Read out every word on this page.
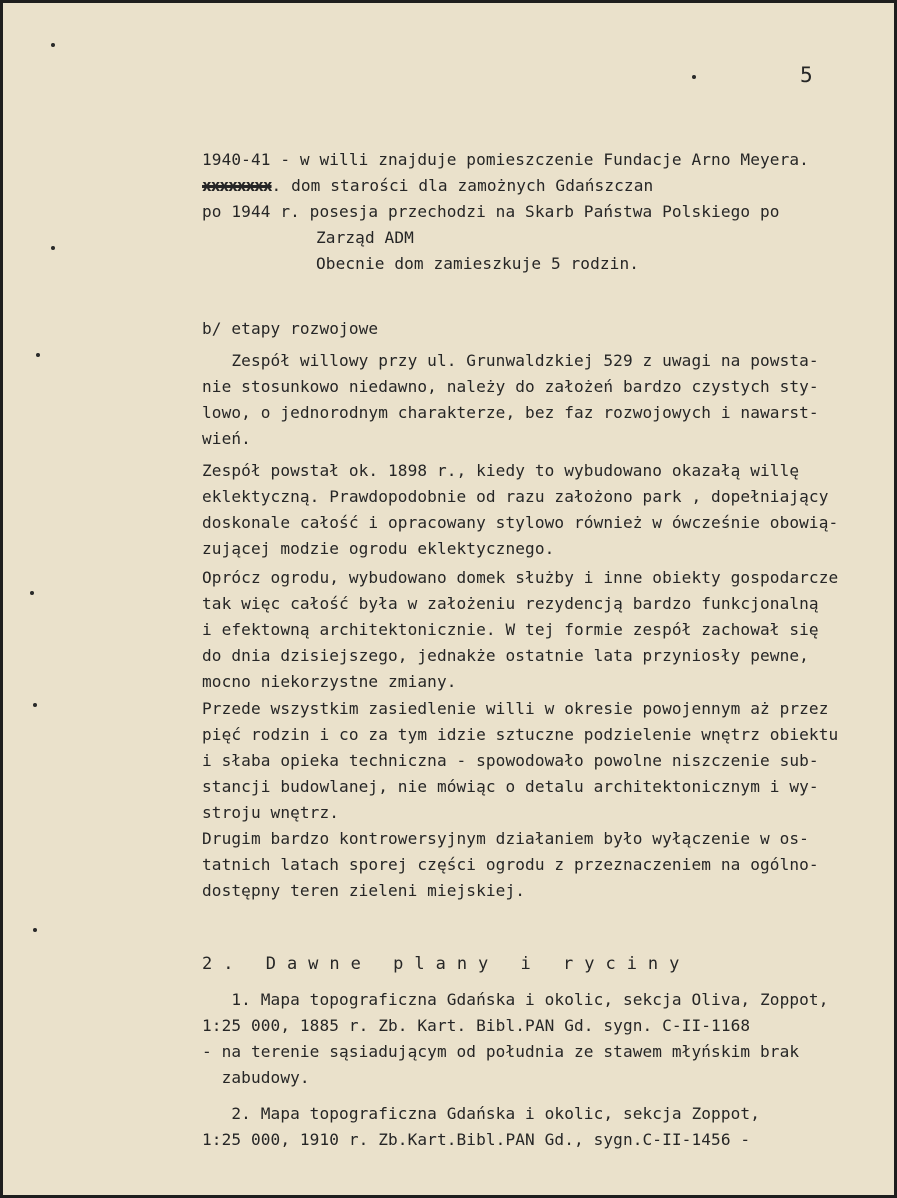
5
1940-41 - w willi znajduje pomieszczenie Fundacje Arno Meyera.
xxxxxxxx. dom starości dla zamożnych Gdańszczan
po 1944 r. posesja przechodzi na Skarb Państwa Polskiego po
Zarząd ADM
Obecnie dom zamieszkuje 5 rodzin.
b/ etapy rozwojowe
Zespół willowy przy ul. Grunwaldzkiej 529 z uwagi na powsta-
nie stosunkowo niedawno, należy do założeń bardzo czystych sty-
lowo, o jednorodnym charakterze, bez faz rozwojowych i nawarst-
wień.
Zespół powstał ok. 1898 r., kiedy to wybudowano okazałą willę
eklektyczną. Prawdopodobnie od razu założono park , dopełniający
doskonale całość i opracowany stylowo również w ówcześnie obowią-
zującej modzie ogrodu eklektycznego.
Oprócz ogrodu, wybudowano domek służby i inne obiekty gospodarcze
tak więc całość była w założeniu rezydencją bardzo funkcjonalną
i efektowną architektonicznie. W tej formie zespół zachował się
do dnia dzisiejszego, jednakże ostatnie lata przyniosły pewne,
mocno niekorzystne zmiany.
Przede wszystkim zasiedlenie willi w okresie powojennym aż przez
pięć rodzin i co za tym idzie sztuczne podzielenie wnętrz obiektu
i słaba opieka techniczna - spowodowało powolne niszczenie sub-
stancji budowlanej, nie mówiąc o detalu architektonicznym i wy-
stroju wnętrz.
Drugim bardzo kontrowersyjnym działaniem było wyłączenie w os-
tatnich latach sporej części ogrodu z przeznaczeniem na ogólno-
dostępny teren zieleni miejskiej.
2. Dawne plany i ryciny
1. Mapa topograficzna Gdańska i okolic, sekcja Oliva, Zoppot,
1:25 000, 1885 r. Zb. Kart. Bibl.PAN Gd. sygn. C-II-1168
- na terenie sąsiadującym od południa ze stawem młyńskim brak
zabudowy.
2. Mapa topograficzna Gdańska i okolic, sekcja Zoppot,
1:25 000, 1910 r. Zb.Kart.Bibl.PAN Gd., sygn.C-II-1456 -
